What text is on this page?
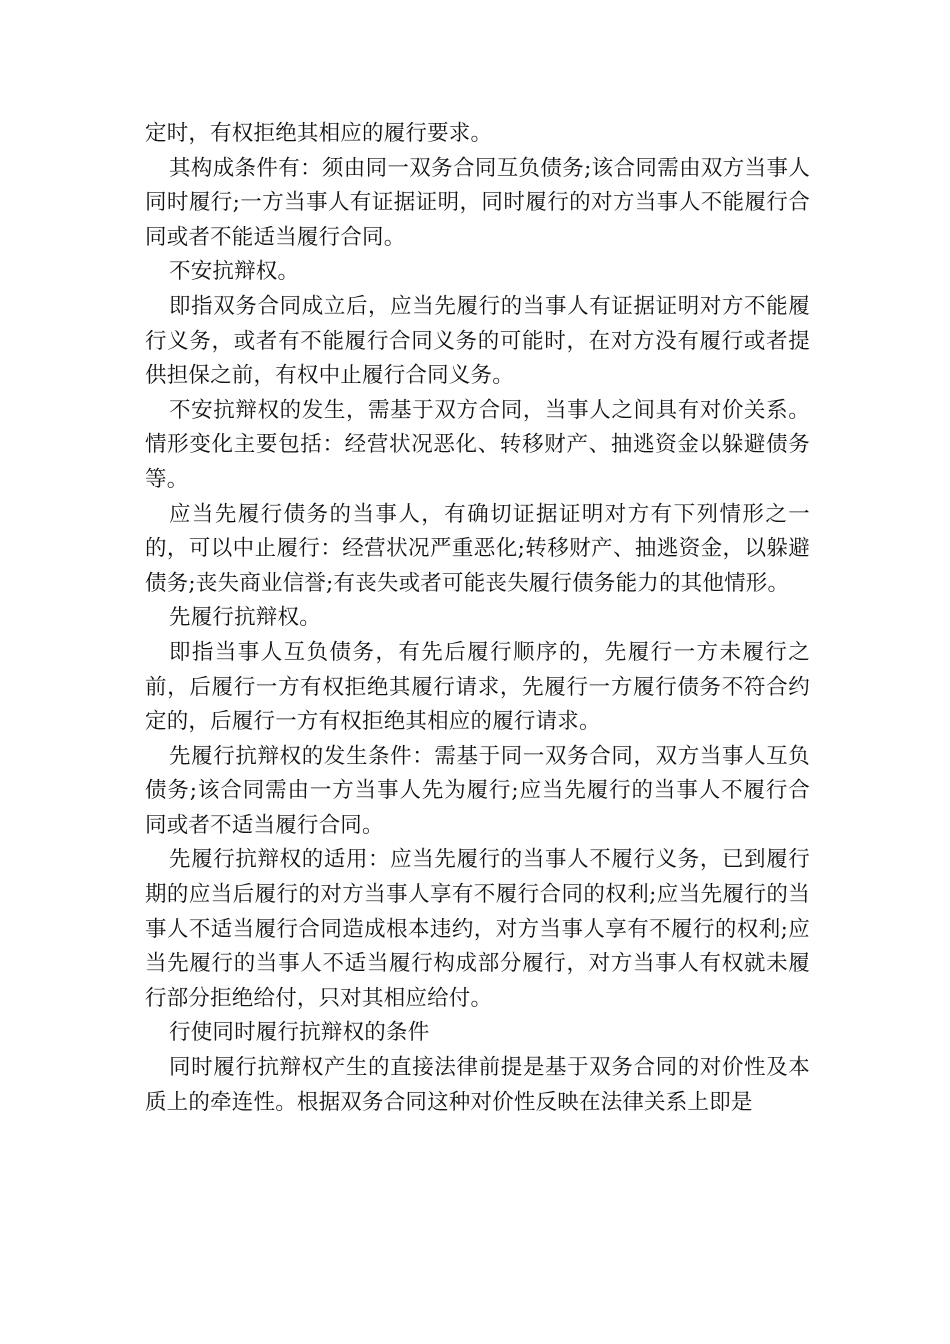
定时，有权拒绝其相应的履行要求。

其构成条件有：须由同一双务合同互负债务;该合同需由双方当事人同时履行;一方当事人有证据证明，同时履行的对方当事人不能履行合同或者不能适当履行合同。

不安抗辩权。

即指双务合同成立后，应当先履行的当事人有证据证明对方不能履行义务，或者有不能履行合同义务的可能时，在对方没有履行或者提供担保之前，有权中止履行合同义务。

不安抗辩权的发生，需基于双方合同，当事人之间具有对价关系。情形变化主要包括：经营状况恶化、转移财产、抽逃资金以躲避债务等。

应当先履行债务的当事人，有确切证据证明对方有下列情形之一的，可以中止履行：经营状况严重恶化;转移财产、抽逃资金，以躲避债务;丧失商业信誉;有丧失或者可能丧失履行债务能力的其他情形。

先履行抗辩权。

即指当事人互负债务，有先后履行顺序的，先履行一方未履行之前，后履行一方有权拒绝其履行请求，先履行一方履行债务不符合约定的，后履行一方有权拒绝其相应的履行请求。

先履行抗辩权的发生条件：需基于同一双务合同，双方当事人互负债务;该合同需由一方当事人先为履行;应当先履行的当事人不履行合同或者不适当履行合同。

先履行抗辩权的适用：应当先履行的当事人不履行义务，已到履行期的应当后履行的对方当事人享有不履行合同的权利;应当先履行的当事人不适当履行合同造成根本违约，对方当事人享有不履行的权利;应当先履行的当事人不适当履行构成部分履行，对方当事人有权就未履行部分拒绝给付，只对其相应给付。

行使同时履行抗辩权的条件

同时履行抗辩权产生的直接法律前提是基于双务合同的对价性及本质上的牵连性。根据双务合同这种对价性反映在法律关系上即是
